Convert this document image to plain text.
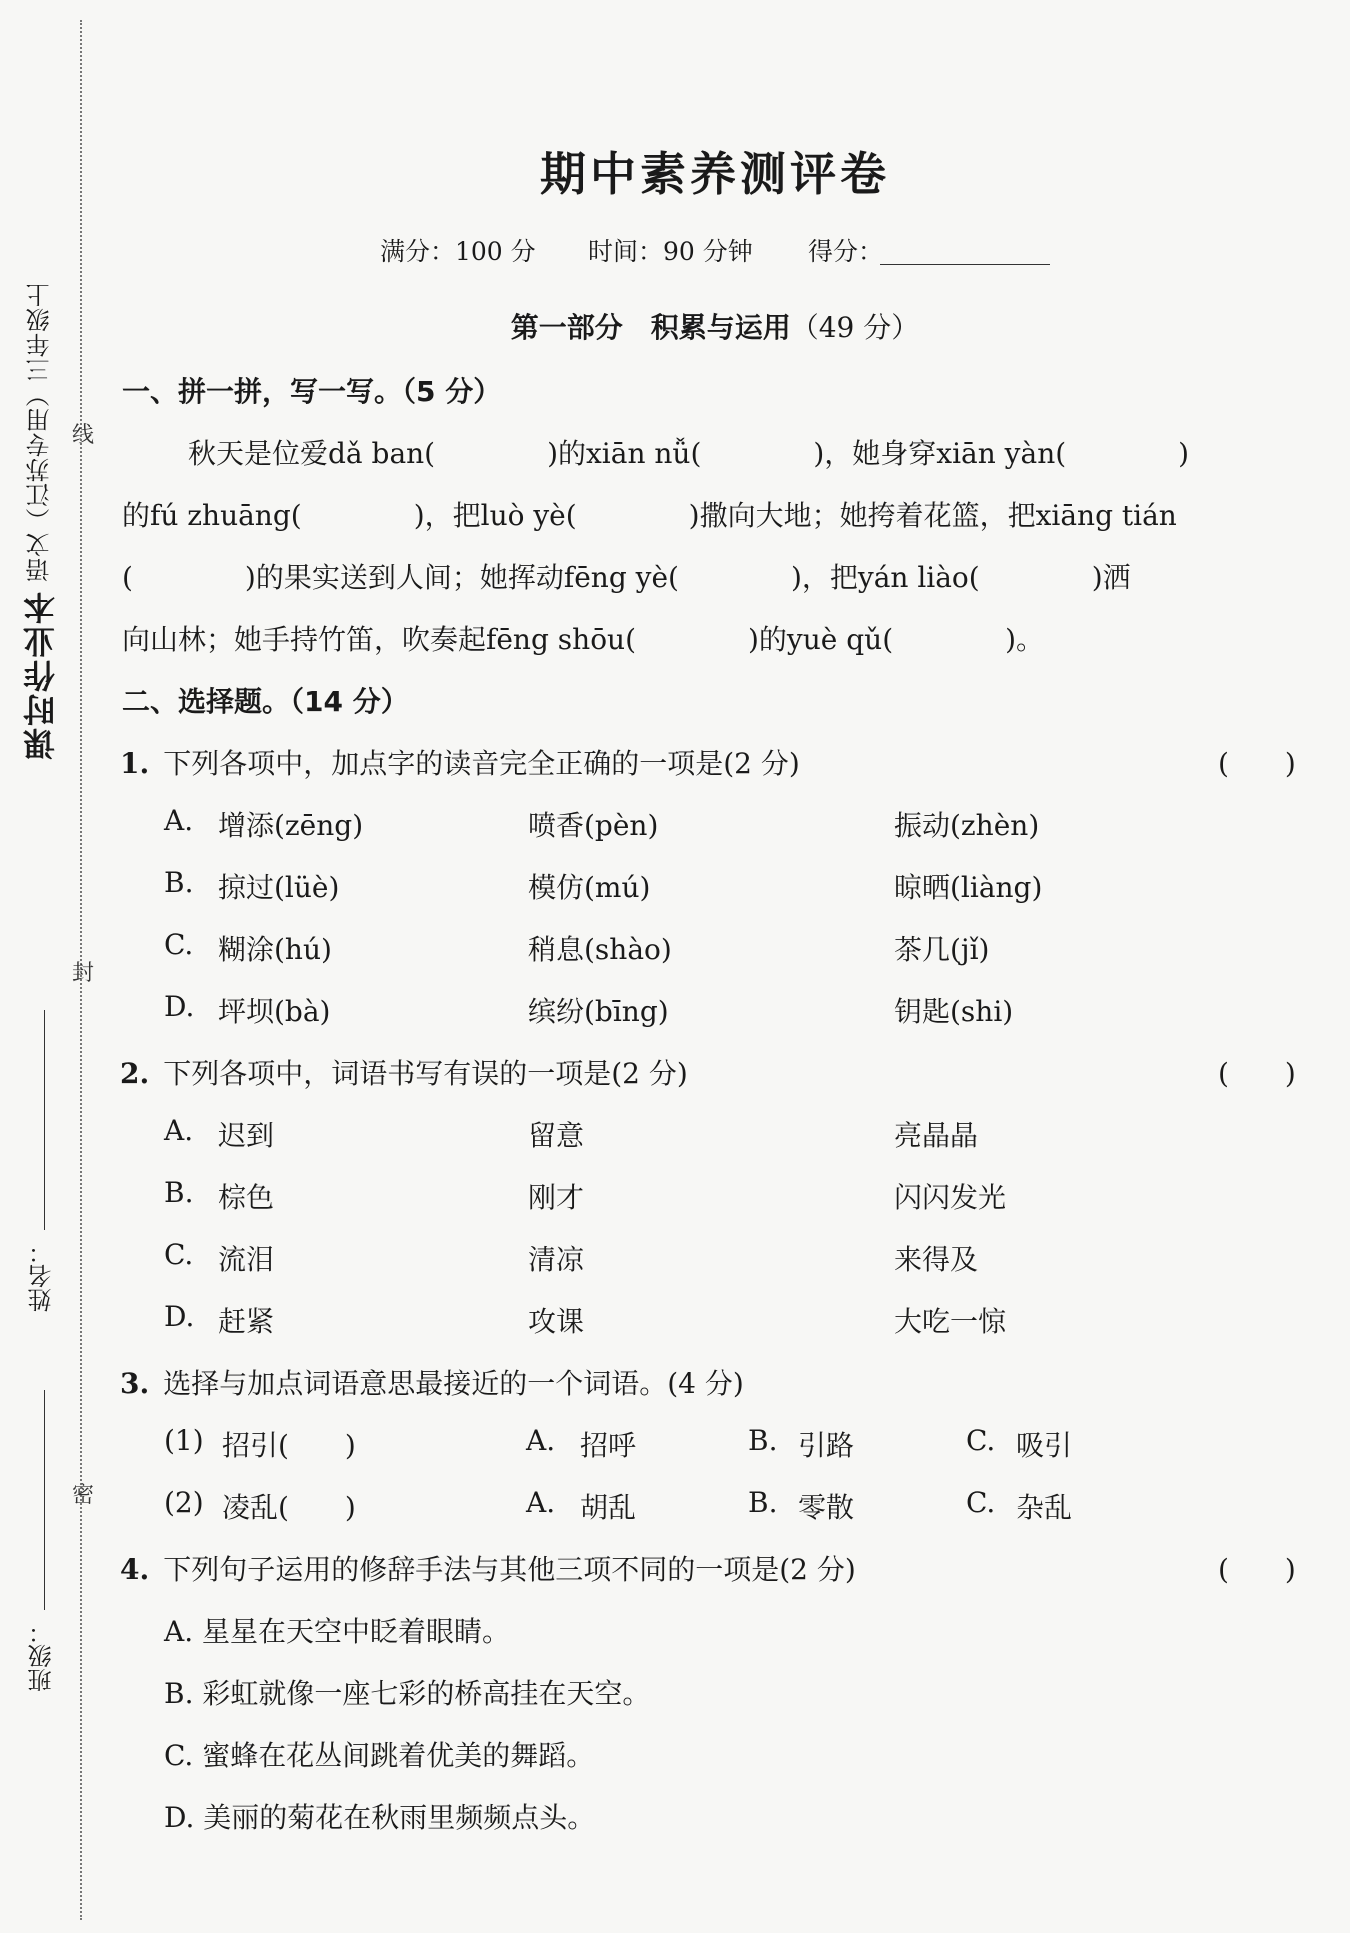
课时作业本
语文（江苏专用）三年级上 线
封
密
姓名：
班级：
期中素养测评卷
满分：100 分 时间：90 分钟 得分：
第一部分　积累与运用（49 分）
一、拼一拼，写一写。（5 分）
秋天是位爱dǎ ban(　　　　)的xiān nǚ(　　　　)，她身穿xiān yàn(　　　　)
的fú zhuāng(　　　　)，把luò yè(　　　　)撒向大地；她挎着花篮，把xiāng tián
(　　　　)的果实送到人间；她挥动fēng yè(　　　　)，把yán liào(　　　　)洒
向山林；她手持竹笛，吹奏起fēng shōu(　　　　)的yuè qǔ(　　　　)。
二、选择题。（14 分）
1. 下列各项中，加点字的读音完全正确的一项是(2 分)	(　　)
A. 增添(zēng)	喷香(pèn)	振动(zhèn)
B. 掠过(lüè)	模仿(mú)	晾晒(liàng)
C. 糊涂(hú)	稍息(shào)	茶几(jǐ)
D. 坪坝(bà)	缤纷(bīng)	钥匙(shi)
2. 下列各项中，词语书写有误的一项是(2 分)	(　　)
A. 迟到	留意	亮晶晶
B. 棕色	刚才	闪闪发光
C. 流泪	清凉	来得及
D. 赶紧	攻课	大吃一惊
3. 选择与加点词语意思最接近的一个词语。(4 分)
(1) 招引(　　)	A. 招呼	B. 引路	C. 吸引
(2) 凌乱(　　)	A. 胡乱	B. 零散	C. 杂乱
4. 下列句子运用的修辞手法与其他三项不同的一项是(2 分)	(　　)
A. 星星在天空中眨着眼睛。
B. 彩虹就像一座七彩的桥高挂在天空。
C. 蜜蜂在花丛间跳着优美的舞蹈。
D. 美丽的菊花在秋雨里频频点头。
